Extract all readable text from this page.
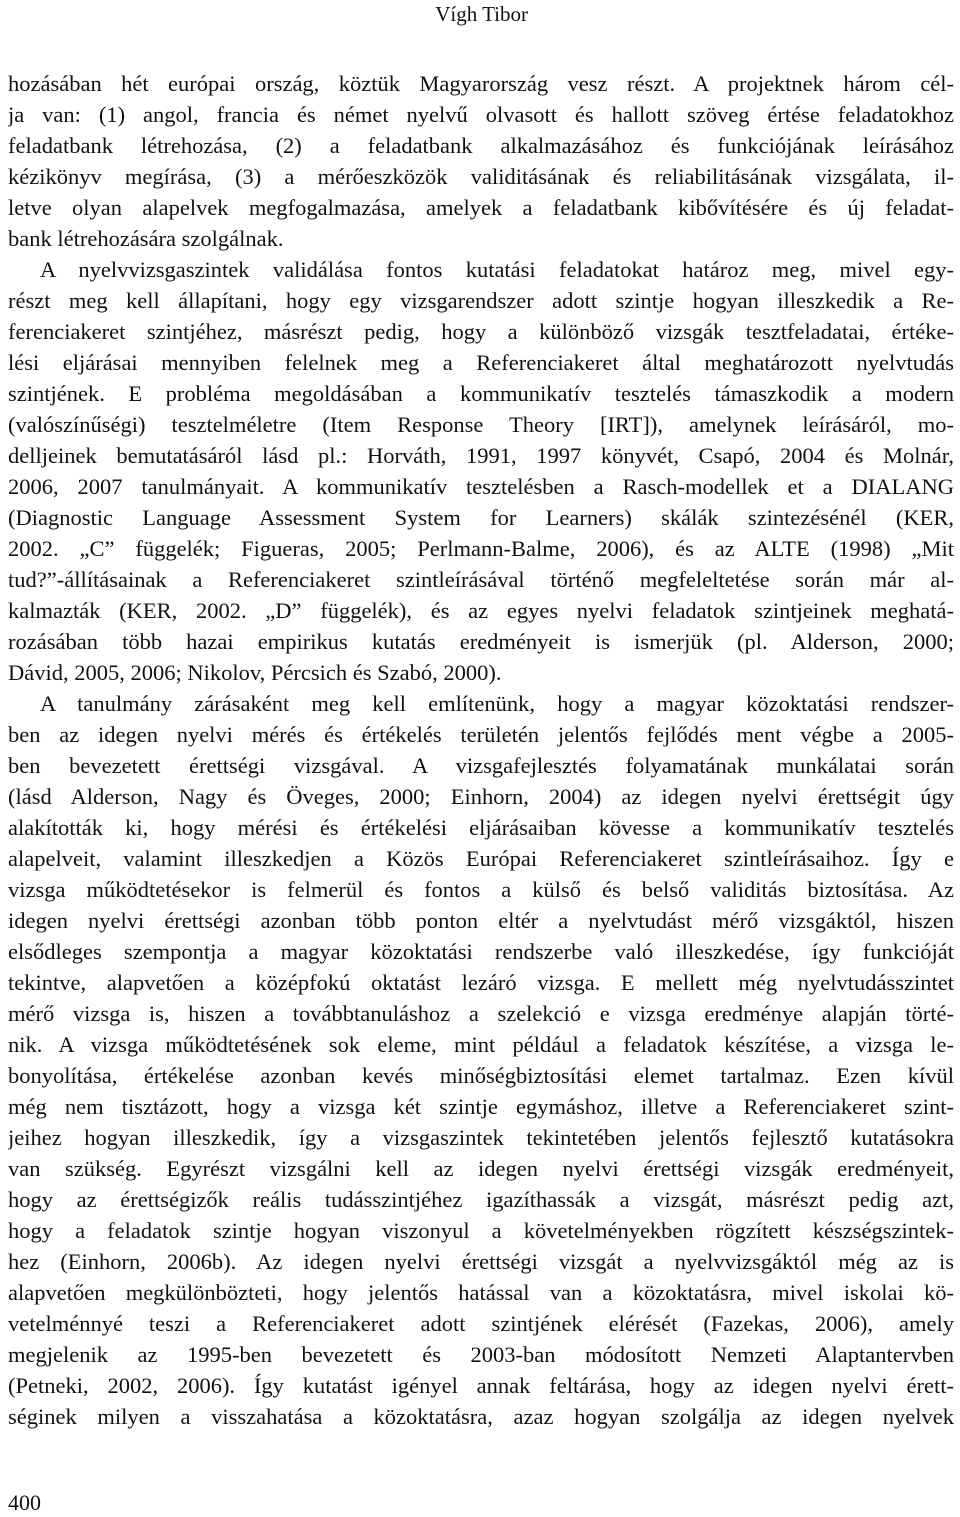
Vígh Tibor
hozásában hét európai ország, köztük Magyarország vesz részt. A projektnek három cél-
ja van: (1) angol, francia és német nyelvű olvasott és hallott szöveg értése feladatokhoz
feladatbank létrehozása, (2) a feladatbank alkalmazásához és funkciójának leírásához
kézikönyv megírása, (3) a mérőeszközök validitásának és reliabilitásának vizsgálata, il-
letve olyan alapelvek megfogalmazása, amelyek a feladatbank kibővítésére és új feladat-
bank létrehozására szolgálnak.
A nyelvvizsgaszintek validálása fontos kutatási feladatokat határoz meg, mivel egy-
részt meg kell állapítani, hogy egy vizsgarendszer adott szintje hogyan illeszkedik a Re-
ferenciakeret szintjéhez, másrészt pedig, hogy a különböző vizsgák tesztfeladatai, értéke-
lési eljárásai mennyiben felelnek meg a Referenciakeret által meghatározott nyelvtudás
szintjének. E probléma megoldásában a kommunikatív tesztelés támaszkodik a modern
(valószínűségi) tesztelméletre (Item Response Theory [IRT]), amelynek leírásáról, mo-
delljeinek bemutatásáról lásd pl.: Horváth, 1991, 1997 könyvét, Csapó, 2004 és Molnár,
2006, 2007 tanulmányait. A kommunikatív tesztelésben a Rasch-modellek et a DIALANG
(Diagnostic Language Assessment System for Learners) skálák szintezésénél (KER,
2002. „C” függelék; Figueras, 2005; Perlmann-Balme, 2006), és az ALTE (1998) „Mit
tud?”-állításainak a Referenciakeret szintleírásával történő megfeleltetése során már al-
kalmazták (KER, 2002. „D” függelék), és az egyes nyelvi feladatok szintjeinek meghatá-
rozásában több hazai empirikus kutatás eredményeit is ismerjük (pl. Alderson, 2000;
Dávid, 2005, 2006; Nikolov, Pércsich és Szabó, 2000).
A tanulmány zárásaként meg kell említenünk, hogy a magyar közoktatási rendszer-
ben az idegen nyelvi mérés és értékelés területén jelentős fejlődés ment végbe a 2005-
ben bevezetett érettségi vizsgával. A vizsgafejlesztés folyamatának munkálatai során
(lásd Alderson, Nagy és Öveges, 2000; Einhorn, 2004) az idegen nyelvi érettségit úgy
alakították ki, hogy mérési és értékelési eljárásaiban kövesse a kommunikatív tesztelés
alapelveit, valamint illeszkedjen a Közös Európai Referenciakeret szintleírásaihoz. Így e
vizsga működtetésekor is felmerül és fontos a külső és belső validitás biztosítása. Az
idegen nyelvi érettségi azonban több ponton eltér a nyelvtudást mérő vizsgáktól, hiszen
elsődleges szempontja a magyar közoktatási rendszerbe való illeszkedése, így funkcióját
tekintve, alapvetően a középfokú oktatást lezáró vizsga. E mellett még nyelvtudásszintet
mérő vizsga is, hiszen a továbbtanuláshoz a szelekció e vizsga eredménye alapján törté-
nik. A vizsga működtetésének sok eleme, mint például a feladatok készítése, a vizsga le-
bonyolítása, értékelése azonban kevés minőségbiztosítási elemet tartalmaz. Ezen kívül
még nem tisztázott, hogy a vizsga két szintje egymáshoz, illetve a Referenciakeret szint-
jeihez hogyan illeszkedik, így a vizsgaszintek tekintetében jelentős fejlesztő kutatásokra
van szükség. Egyrészt vizsgálni kell az idegen nyelvi érettségi vizsgák eredményeit,
hogy az érettségizők reális tudásszintjéhez igazíthassák a vizsgát, másrészt pedig azt,
hogy a feladatok szintje hogyan viszonyul a követelményekben rögzített készségszintek-
hez (Einhorn, 2006b). Az idegen nyelvi érettségi vizsgát a nyelvvizsgáktól még az is
alapvetően megkülönbözteti, hogy jelentős hatással van a közoktatásra, mivel iskolai kö-
vetelménnyé teszi a Referenciakeret adott szintjének elérését (Fazekas, 2006), amely
megjelenik az 1995-ben bevezetett és 2003-ban módosított Nemzeti Alaptantervben
(Petneki, 2002, 2006). Így kutatást igényel annak feltárása, hogy az idegen nyelvi érett-
séginek milyen a visszahatása a közoktatásra, azaz hogyan szolgálja az idegen nyelvek
400
